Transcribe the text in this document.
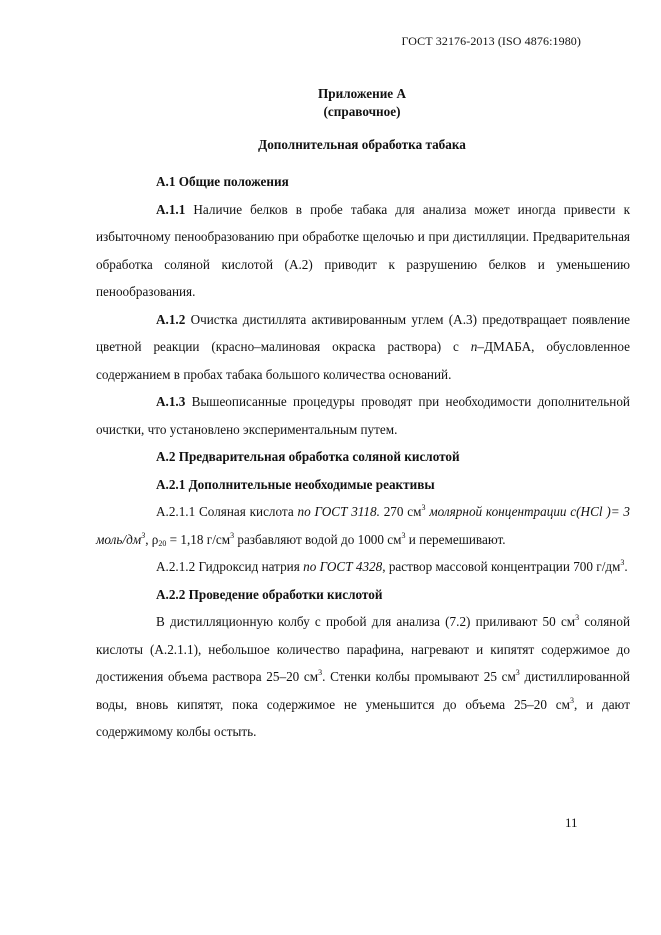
ГОСТ 32176-2013 (ISO 4876:1980)
Приложение А
(справочное)
Дополнительная обработка табака

А.1 Общие положения

А.1.1 Наличие белков в пробе табака для анализа может иногда привести к избыточному пенообразованию при обработке щелочью и при дистилляции. Предварительная обработка соляной кислотой (А.2) приводит к разрушению белков и уменьшению пенообразования.

А.1.2 Очистка дистиллята активированным углем (А.3) предотвращает появление цветной реакции (красно–малиновая окраска раствора) с n–ДМАБА, обусловленное содержанием в пробах табака большого количества оснований.

А.1.3 Вышеописанные процедуры проводят при необходимости дополнительной очистки, что установлено экспериментальным путем.

А.2 Предварительная обработка соляной кислотой

А.2.1 Дополнительные необходимые реактивы

А.2.1.1 Соляная кислота по ГОСТ 3118. 270 $см^3$ молярной концентрации с(HCl )= 3 моль/$дм^3$, $\rho_{20} = 1,18$ $г/см^3$ разбавляют водой до 1000 $см^3$ и перемешивают.

А.2.1.2 Гидроксид натрия по ГОСТ 4328, раствор массовой концентрации 700 $г/дм^3$.

А.2.2 Проведение обработки кислотой

В дистилляционную колбу с пробой для анализа (7.2) приливают 50 $см^3$ соляной кислоты (А.2.1.1), небольшое количество парафина, нагревают и кипятят содержимое до достижения объема раствора 25–20 $см^3$. Стенки колбы промывают 25 $см^3$ дистиллированной воды, вновь кипятят, пока содержимое не уменьшится до объема 25–20 $см^3$, и дают содержимому колбы остыть.

11
